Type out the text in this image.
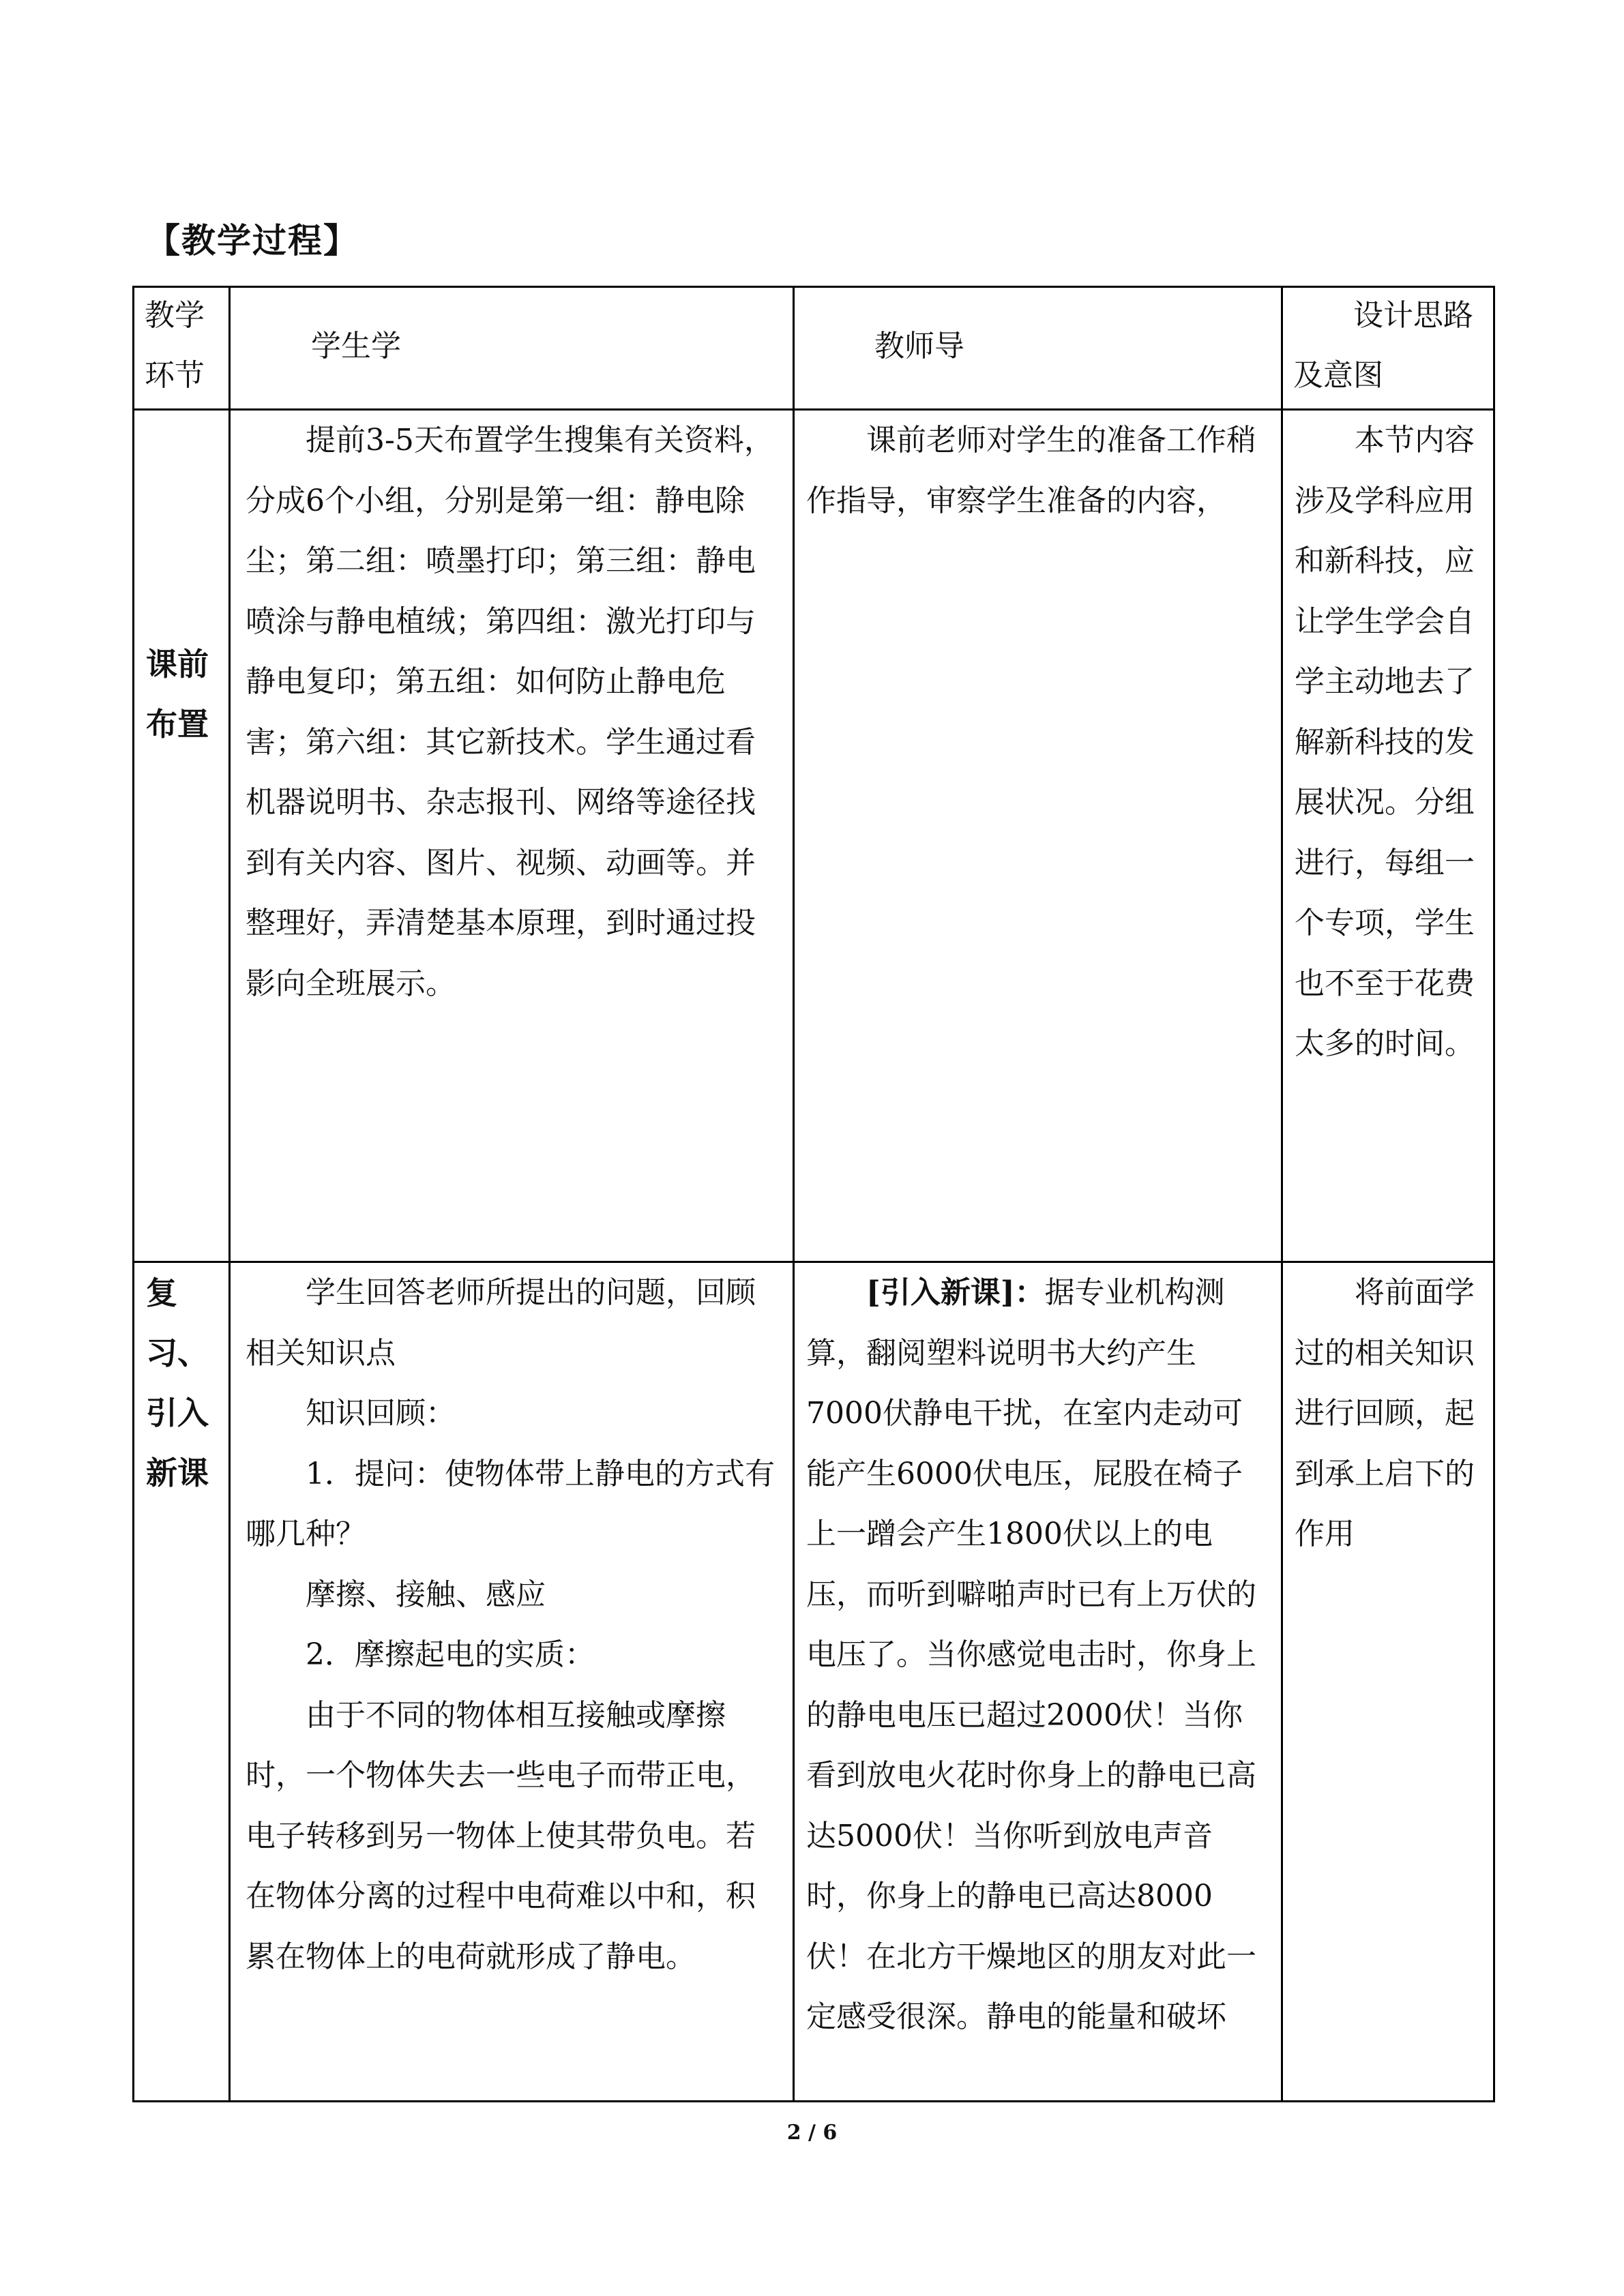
【教学过程】
教学环节
学生学	教师导
设计思路及意图
课前布置

提前3-5天布置学生搜集有关资料，分成6个小组，分别是第一组：静电除尘；第二组：喷墨打印；第三组：静电喷涂与静电植绒；第四组：激光打印与静电复印；第五组：如何防止静电危害；第六组：其它新技术。学生通过看机器说明书、杂志报刊、网络等途径找到有关内容、图片、视频、动画等。并整理好，弄清楚基本原理，到时通过投影向全班展示。

课前老师对学生的准备工作稍作指导，审察学生准备的内容，

本节内容涉及学科应用和新科技，应让学生学会自学主动地去了解新科技的发展状况。分组进行，每组一个专项，学生也不至于花费太多的时间。

复习、引入新课

学生回答老师所提出的问题，回顾相关知识点

知识回顾：

1．提问：使物体带上静电的方式有哪几种？

摩擦、接触、感应

2．摩擦起电的实质：

由于不同的物体相互接触或摩擦时，一个物体失去一些电子而带正电，电子转移到另一物体上使其带负电。若在物体分离的过程中电荷难以中和，积累在物体上的电荷就形成了静电。

[引入新课]：据专业机构测算，翻阅塑料说明书大约产生7000伏静电干扰，在室内走动可能产生6000伏电压，屁股在椅子上一蹭会产生1800伏以上的电压，而听到噼啪声时已有上万伏的电压了。当你感觉电击时，你身上的静电电压已超过2000伏！当你看到放电火花时你身上的静电已高达5000伏！当你听到放电声音时，你身上的静电已高达8000伏！在北方干燥地区的朋友对此一定感受很深。静电的能量和破坏

将前面学过的相关知识进行回顾，起到承上启下的作用

2 / 6
